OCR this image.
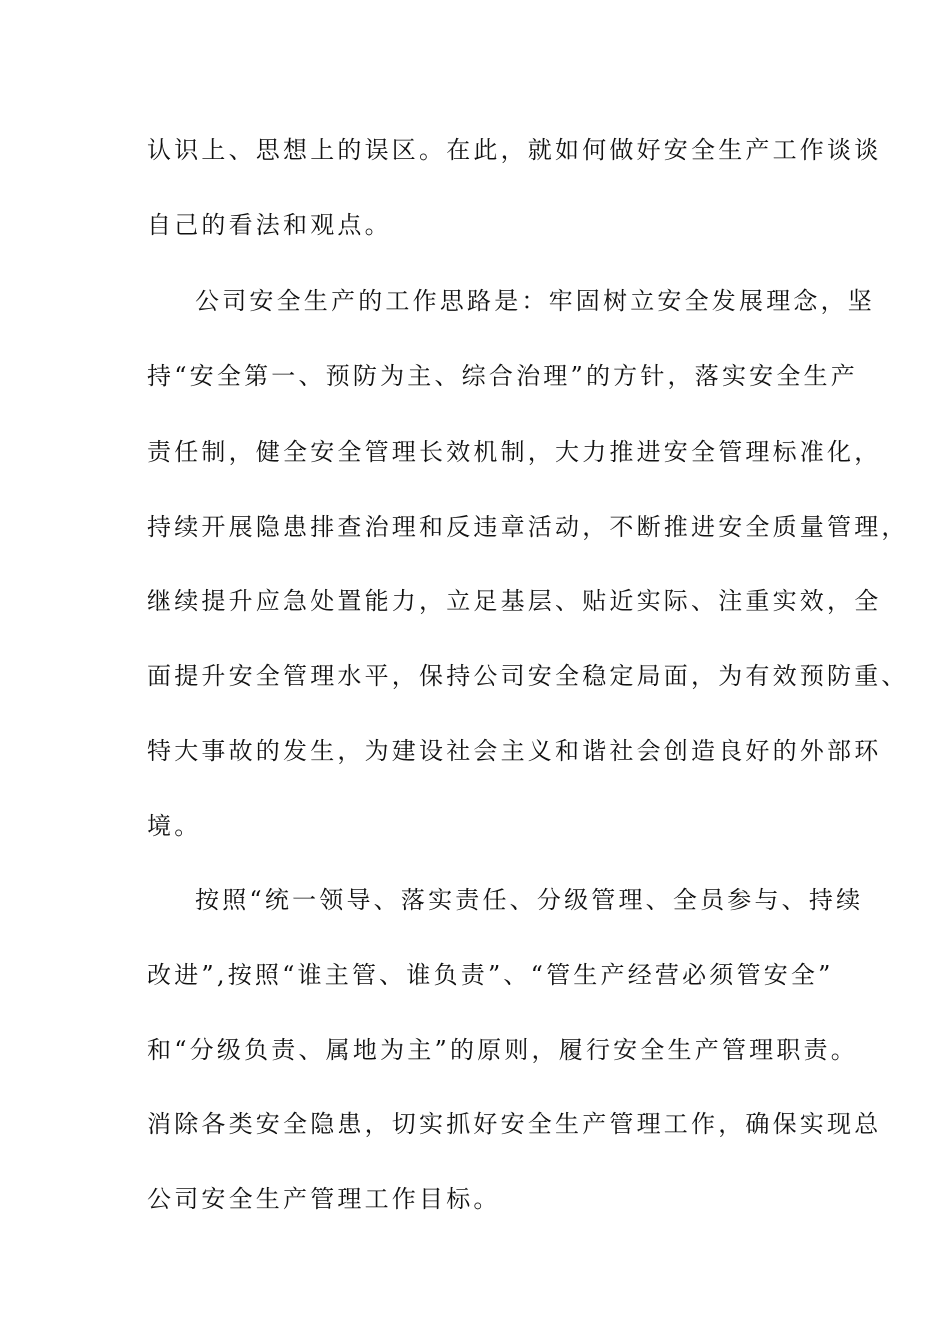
认识上、思想上的误区。在此，就如何做好安全生产工作谈谈
自己的看法和观点。
公司安全生产的工作思路是：牢固树立安全发展理念，坚
持“安全第一、预防为主、综合治理”的方针，落实安全生产
责任制，健全安全管理长效机制，大力推进安全管理标准化，
持续开展隐患排查治理和反违章活动，不断推进安全质量管理，
继续提升应急处置能力，立足基层、贴近实际、注重实效，全
面提升安全管理水平，保持公司安全稳定局面，为有效预防重、
特大事故的发生，为建设社会主义和谐社会创造良好的外部环
境。
按照“统一领导、落实责任、分级管理、全员参与、持续
改进”,按照“谁主管、谁负责”、“管生产经营必须管安全”
和“分级负责、属地为主”的原则，履行安全生产管理职责。
消除各类安全隐患，切实抓好安全生产管理工作，确保实现总
公司安全生产管理工作目标。
